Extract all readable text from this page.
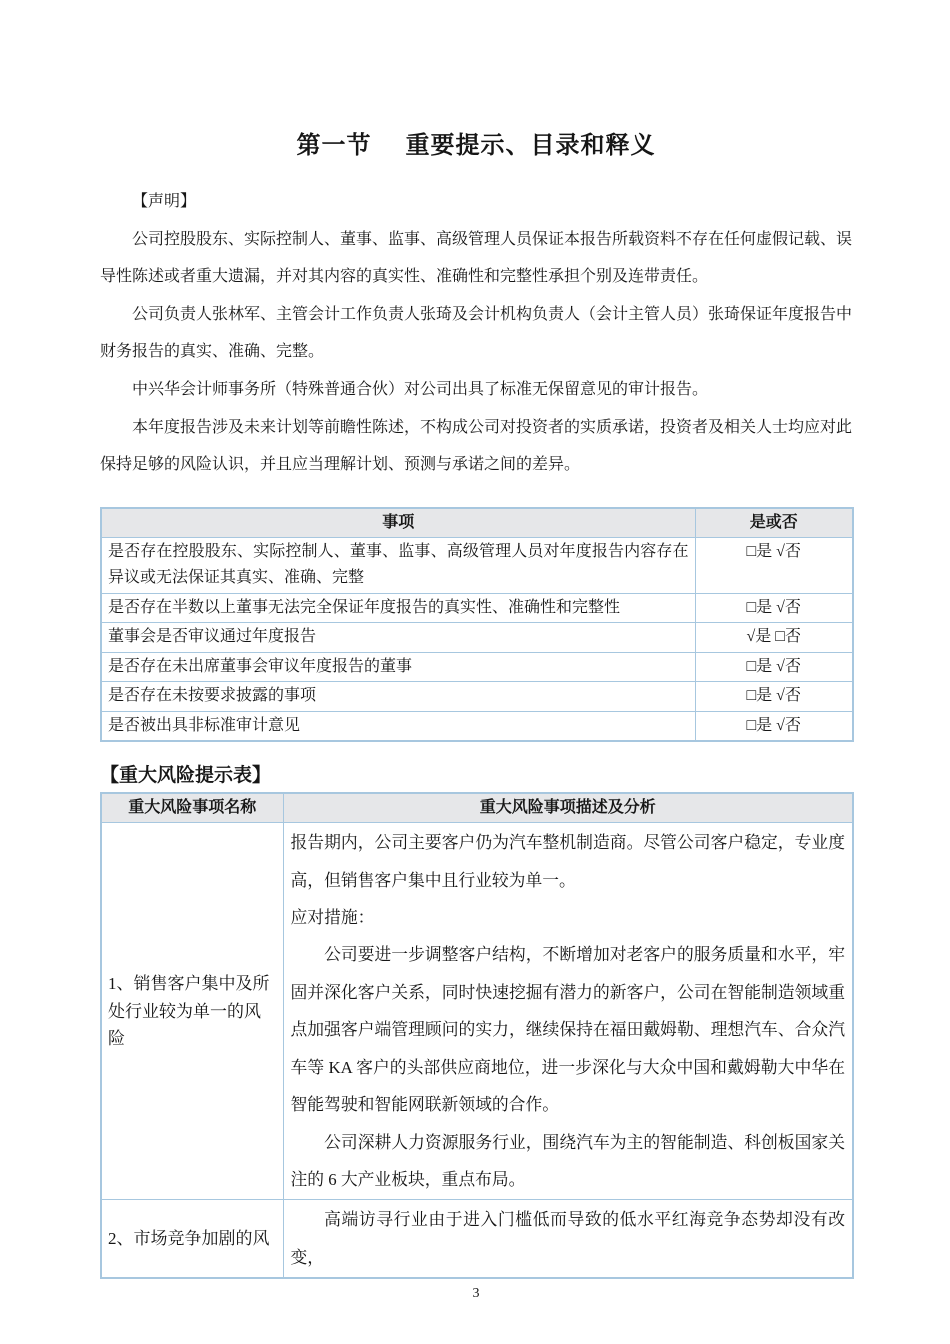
第一节 重要提示、目录和释义

【声明】

公司控股股东、实际控制人、董事、监事、高级管理人员保证本报告所载资料不存在任何虚假记载、误导性陈述或者重大遗漏，并对其内容的真实性、准确性和完整性承担个别及连带责任。

公司负责人张林军、主管会计工作负责人张琦及会计机构负责人（会计主管人员）张琦保证年度报告中财务报告的真实、准确、完整。

中兴华会计师事务所（特殊普通合伙）对公司出具了标准无保留意见的审计报告。

本年度报告涉及未来计划等前瞻性陈述，不构成公司对投资者的实质承诺，投资者及相关人士均应对此保持足够的风险认识，并且应当理解计划、预测与承诺之间的差异。

事项	是或否
是否存在控股股东、实际控制人、董事、监事、高级管理人员对年度报告内容存在异议或无法保证其真实、准确、完整	□是 √否
是否存在半数以上董事无法完全保证年度报告的真实性、准确性和完整性	□是 √否
董事会是否审议通过年度报告	√是 □否
是否存在未出席董事会审议年度报告的董事	□是 √否
是否存在未按要求披露的事项	□是 √否
是否被出具非标准审计意见	□是 √否
【重大风险提示表】
重大风险事项名称	重大风险事项描述及分析
1、销售客户集中及所处行业较为单一的风险	报告期内，公司主要客户仍为汽车整机制造商。尽管公司客户稳定，专业度高，但销售客户集中且行业较为单一。

应对措施：

公司要进一步调整客户结构，不断增加对老客户的服务质量和水平，牢固并深化客户关系，同时快速挖掘有潜力的新客户，公司在智能制造领域重点加强客户端管理顾问的实力，继续保持在福田戴姆勒、理想汽车、合众汽车等 KA 客户的头部供应商地位，进一步深化与大众中国和戴姆勒大中华在智能驾驶和智能网联新领域的合作。

公司深耕人力资源服务行业，围绕汽车为主的智能制造、科创板国家关注的 6 大产业板块，重点布局。

2、市场竞争加剧的风	高端访寻行业由于进入门槛低而导致的低水平红海竞争态势却没有改变，

3
